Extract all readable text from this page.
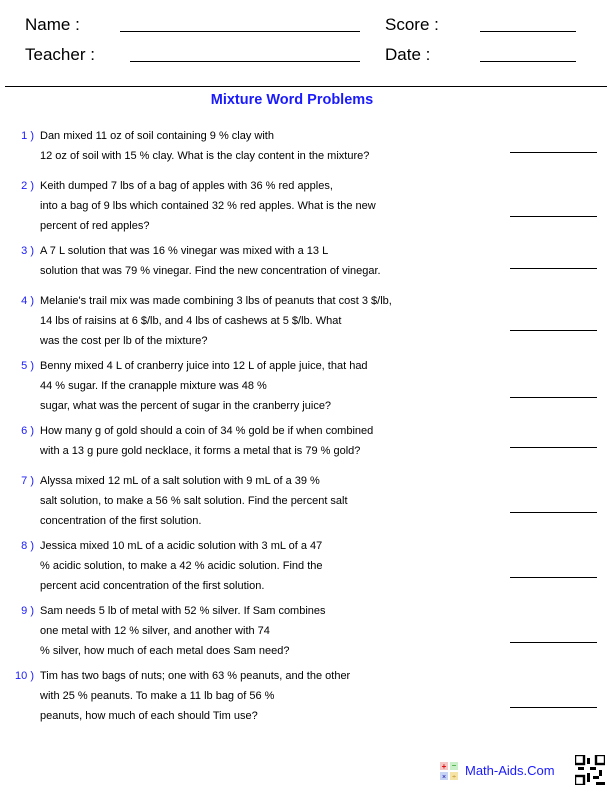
Name :	Score :
Teacher :	Date :
Mixture Word Problems
1 ) Dan mixed 11 oz of soil containing 9 % clay with
12 oz of soil with 15 % clay. What is the clay content in the mixture?
2 ) Keith dumped 7 lbs of a bag of apples with 36 % red apples,
into a bag of 9 lbs which contained 32 % red apples. What is the new
percent of red apples?
3 ) A 7 L solution that was 16 % vinegar was mixed with a 13 L
solution that was 79 % vinegar. Find the new concentration of vinegar.
4 ) Melanie's trail mix was made combining 3 lbs of peanuts that cost 3 $/lb,
14 lbs of raisins at 6 $/lb, and 4 lbs of cashews at 5 $/lb. What
was the cost per lb of the mixture?
5 ) Benny mixed 4 L of cranberry juice into 12 L of apple juice, that had
44 % sugar. If the cranapple mixture was 48 %
sugar, what was the percent of sugar in the cranberry juice?
6 ) How many g of gold should a coin of 34 % gold be if when combined
with a 13 g pure gold necklace, it forms a metal that is 79 % gold?
7 ) Alyssa mixed 12 mL of a salt solution with 9 mL of a 39 %
salt solution, to make a 56 % salt solution. Find the percent salt
concentration of the first solution.
8 ) Jessica mixed 10 mL of a acidic solution with 3 mL of a 47
% acidic solution, to make a 42 % acidic solution. Find the
percent acid concentration of the first solution.
9 ) Sam needs 5 lb of metal with 52 % silver. If Sam combines
one metal with 12 % silver, and another with 74
% silver, how much of each metal does Sam need?
10 ) Tim has two bags of nuts; one with 63 % peanuts, and the other
with 25 % peanuts. To make a 11 lb bag of 56 %
peanuts, how much of each should Tim use?
+ −
× ÷ Math-Aids.Com
